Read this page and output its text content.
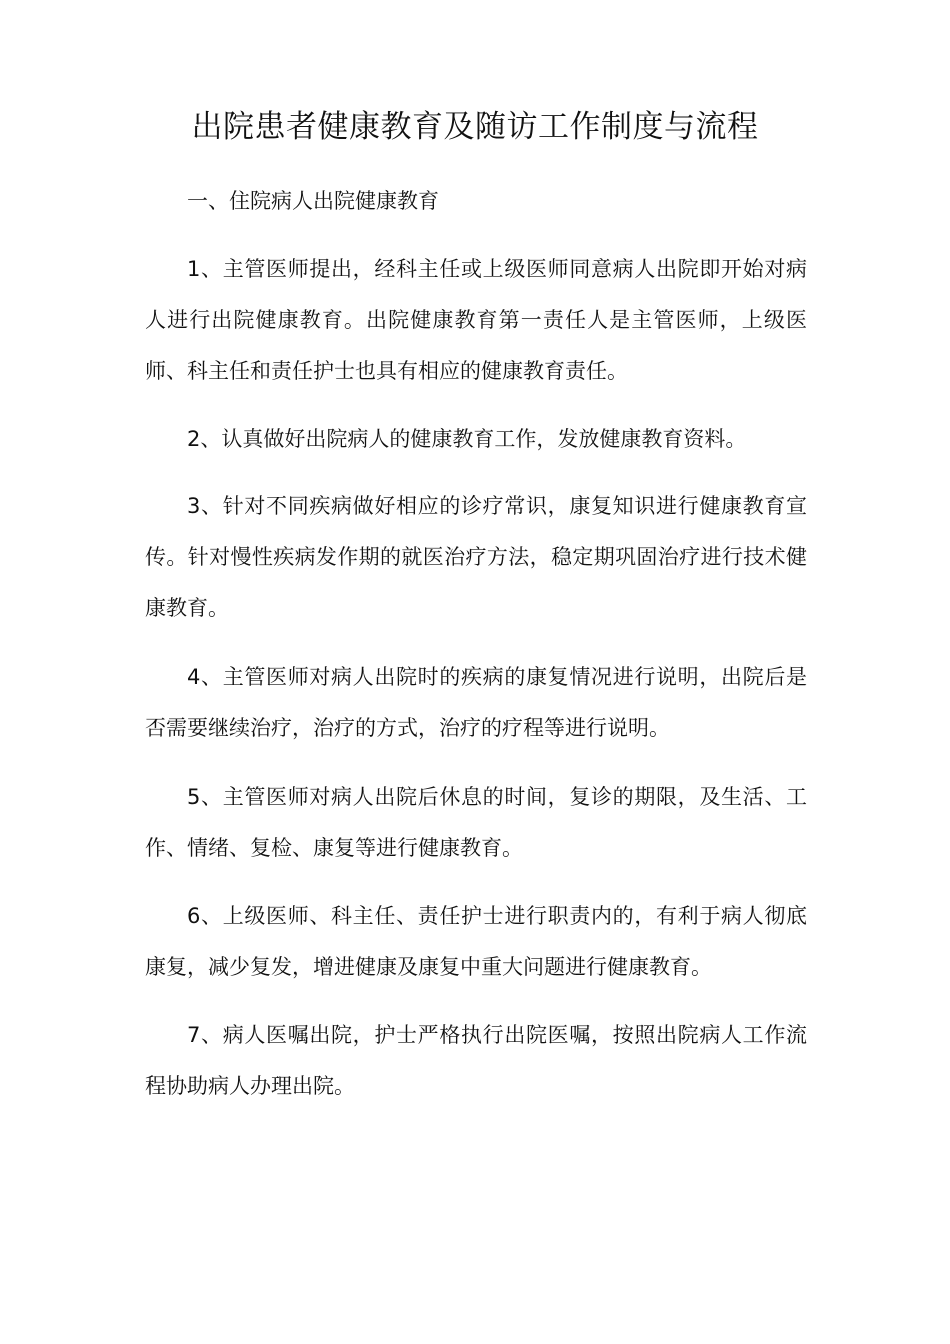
出院患者健康教育及随访工作制度与流程

一、住院病人出院健康教育

1、主管医师提出，经科主任或上级医师同意病人出院即开始对病人进行出院健康教育。出院健康教育第一责任人是主管医师，上级医师、科主任和责任护士也具有相应的健康教育责任。

2、认真做好出院病人的健康教育工作，发放健康教育资料。

3、针对不同疾病做好相应的诊疗常识，康复知识进行健康教育宣传。针对慢性疾病发作期的就医治疗方法，稳定期巩固治疗进行技术健康教育。

4、主管医师对病人出院时的疾病的康复情况进行说明，出院后是否需要继续治疗，治疗的方式，治疗的疗程等进行说明。

5、主管医师对病人出院后休息的时间，复诊的期限，及生活、工作、情绪、复检、康复等进行健康教育。

6、上级医师、科主任、责任护士进行职责内的，有利于病人彻底康复，减少复发，增进健康及康复中重大问题进行健康教育。

7、病人医嘱出院，护士严格执行出院医嘱，按照出院病人工作流程协助病人办理出院。
